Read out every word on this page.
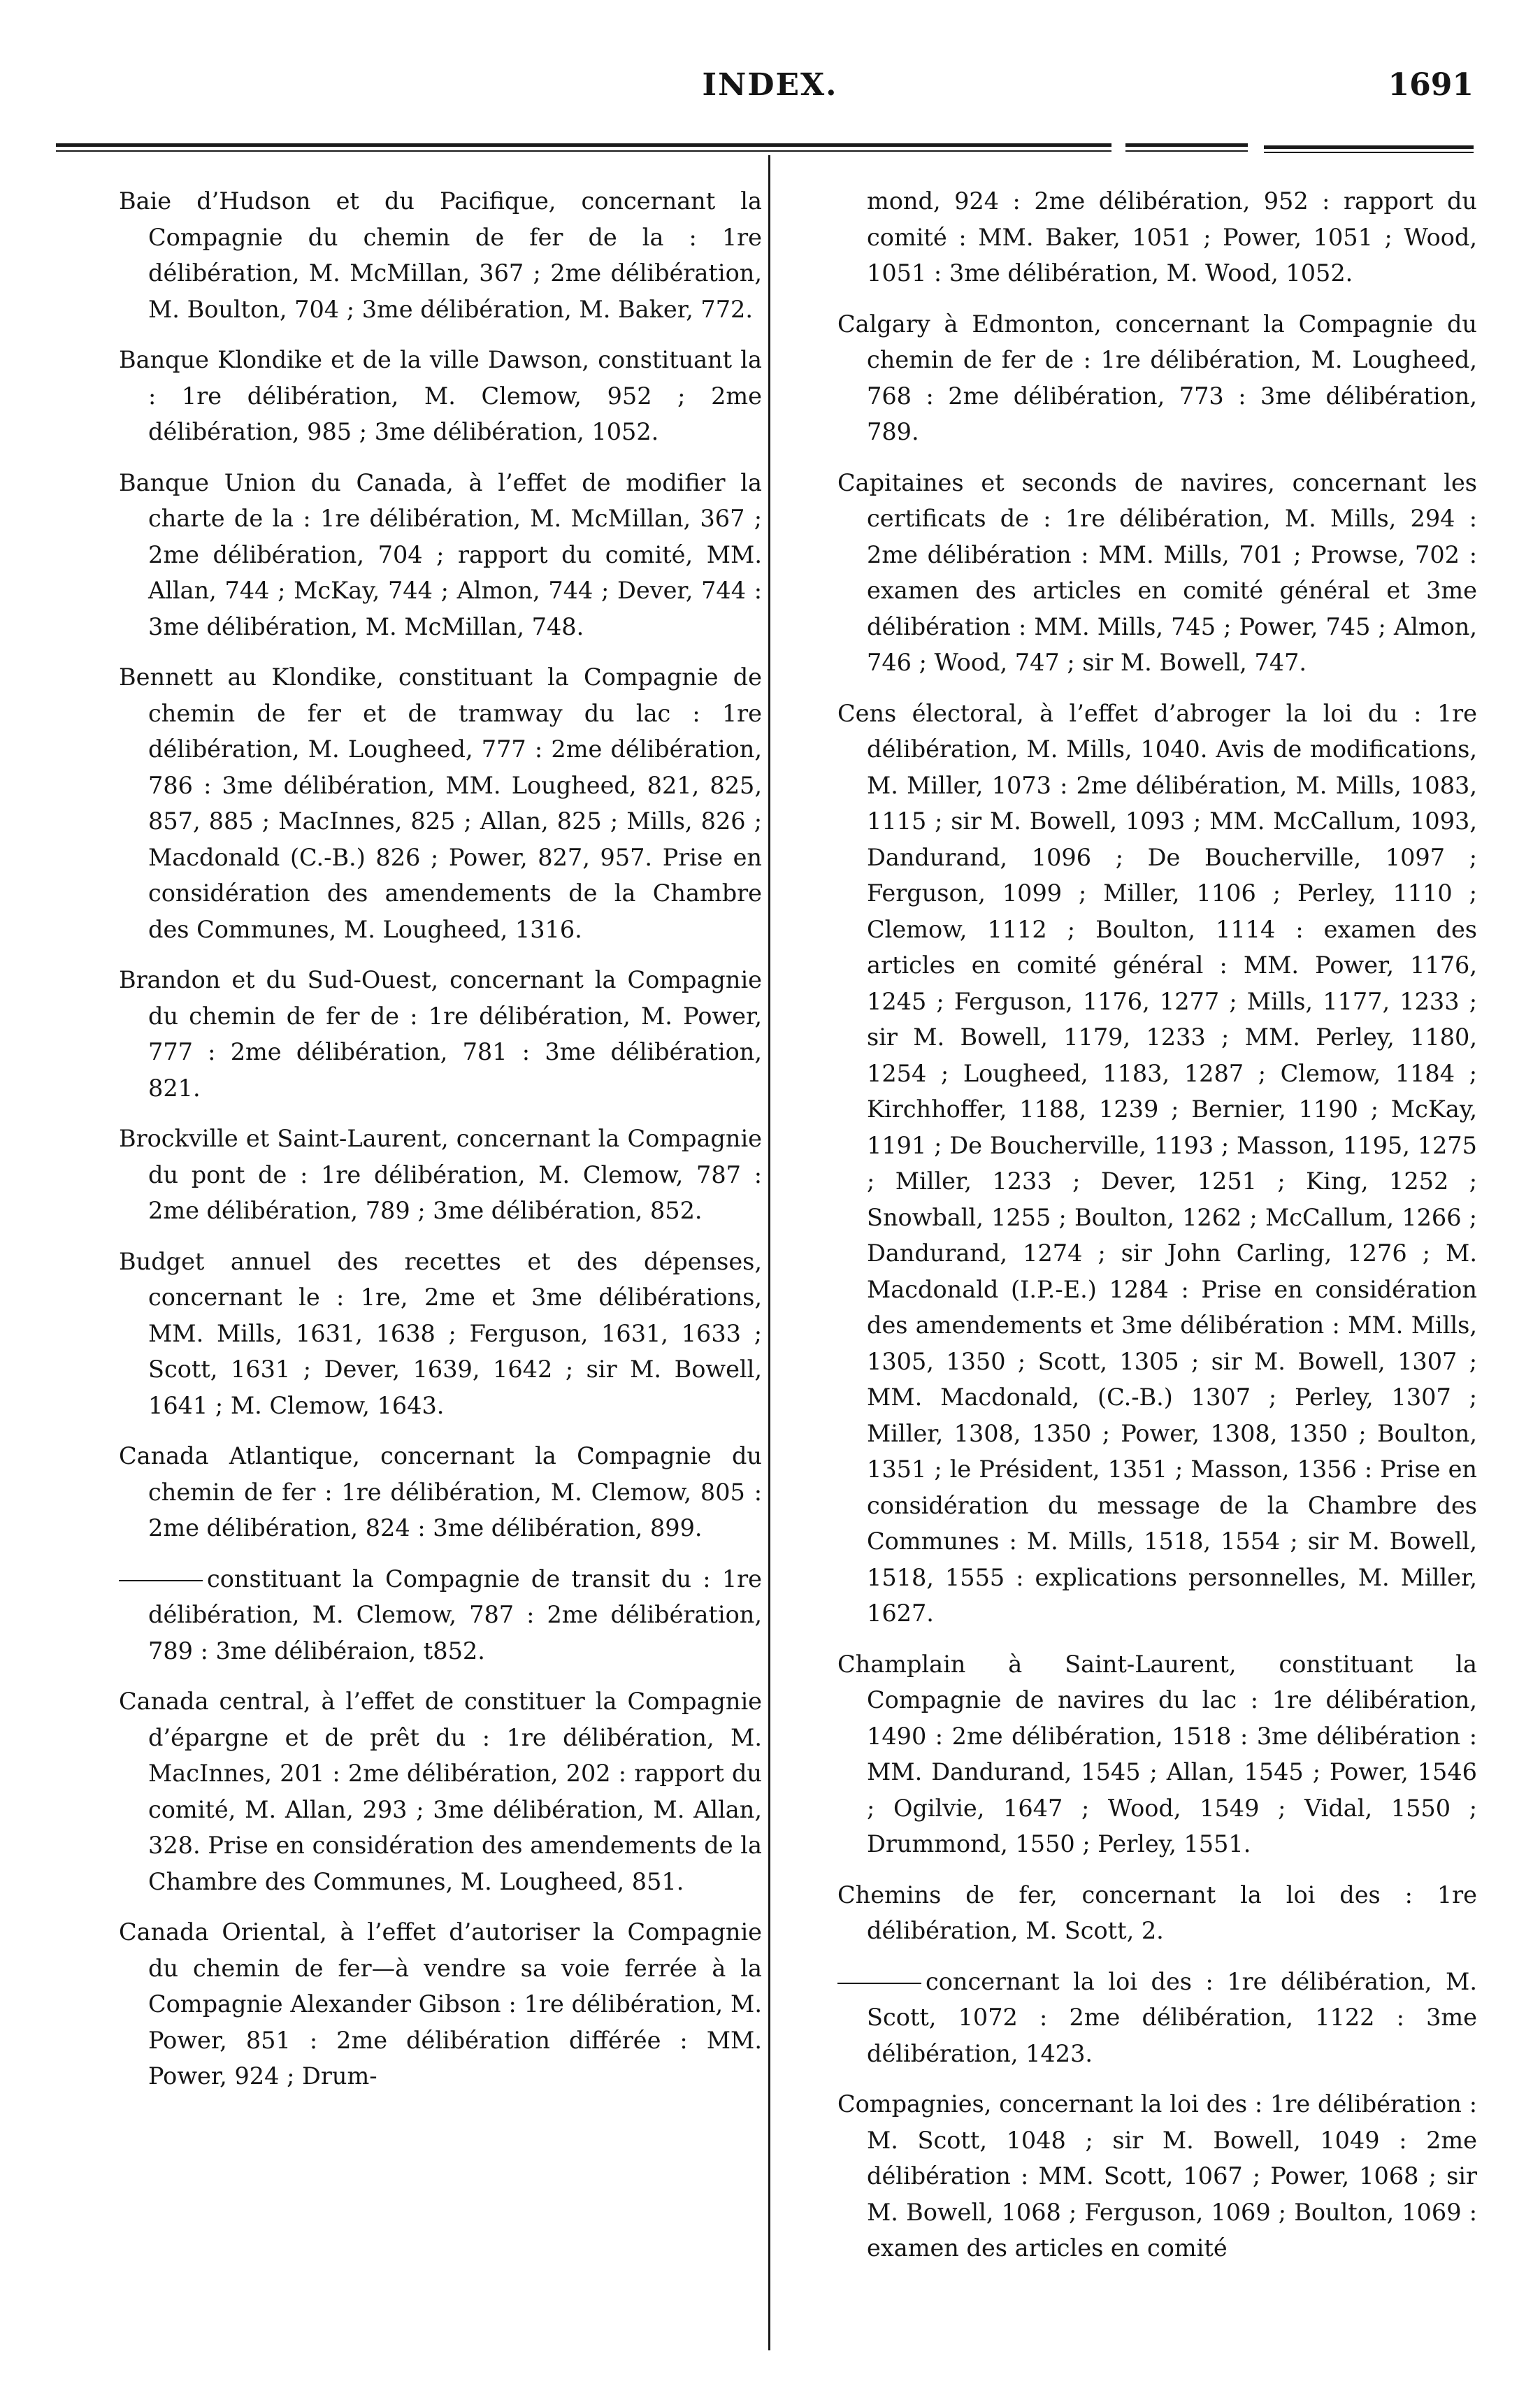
INDEX.	1691

Baie d’Hudson et du Pacifique, concernant la Compagnie du chemin de fer de la : 1re délibération, M. McMillan, 367 ; 2me délibération, M. Boulton, 704 ; 3me délibération, M. Baker, 772.

Banque Klondike et de la ville Dawson, constituant la : 1re délibération, M. Clemow, 952 ; 2me délibération, 985 ; 3me délibération, 1052.

Banque Union du Canada, à l’effet de modifier la charte de la : 1re délibération, M. McMillan, 367 ; 2me délibération, 704 ; rapport du comité, MM. Allan, 744 ; McKay, 744 ; Almon, 744 ; Dever, 744 : 3me délibération, M. McMillan, 748.

Bennett au Klondike, constituant la Compagnie de chemin de fer et de tramway du lac : 1re délibération, M. Lougheed, 777 : 2me délibération, 786 : 3me délibération, MM. Lougheed, 821, 825, 857, 885 ; MacInnes, 825 ; Allan, 825 ; Mills, 826 ; Macdonald (C.-B.) 826 ; Power, 827, 957. Prise en considération des amendements de la Chambre des Communes, M. Lougheed, 1316.

Brandon et du Sud-Ouest, concernant la Compagnie du chemin de fer de : 1re délibération, M. Power, 777 : 2me délibération, 781 : 3me délibération, 821.

Brockville et Saint-Laurent, concernant la Compagnie du pont de : 1re délibération, M. Clemow, 787 : 2me délibération, 789 ; 3me délibération, 852.

Budget annuel des recettes et des dépenses, concernant le : 1re, 2me et 3me délibérations, MM. Mills, 1631, 1638 ; Ferguson, 1631, 1633 ; Scott, 1631 ; Dever, 1639, 1642 ; sir M. Bowell, 1641 ; M. Clemow, 1643.

Canada Atlantique, concernant la Compagnie du chemin de fer : 1re délibération, M. Clemow, 805 : 2me délibération, 824 : 3me délibération, 899.

constituant la Compagnie de transit du : 1re délibération, M. Clemow, 787 : 2me délibération, 789 : 3me délibéraion, t852.

Canada central, à l’effet de constituer la Compagnie d’épargne et de prêt du : 1re délibération, M. MacInnes, 201 : 2me délibération, 202 : rapport du comité, M. Allan, 293 ; 3me délibération, M. Allan, 328. Prise en considération des amendements de la Chambre des Communes, M. Lougheed, 851.

Canada Oriental, à l’effet d’autoriser la Compagnie du chemin de fer—à vendre sa voie ferrée à la Compagnie Alexander Gibson : 1re délibération, M. Power, 851 : 2me délibération différée : MM. Power, 924 ; Drum-

mond, 924 : 2me délibération, 952 : rapport du comité : MM. Baker, 1051 ; Power, 1051 ; Wood, 1051 : 3me délibération, M. Wood, 1052.

Calgary à Edmonton, concernant la Compagnie du chemin de fer de : 1re délibération, M. Lougheed, 768 : 2me délibération, 773 : 3me délibération, 789.

Capitaines et seconds de navires, concernant les certificats de : 1re délibération, M. Mills, 294 : 2me délibération : MM. Mills, 701 ; Prowse, 702 : examen des articles en comité général et 3me délibération : MM. Mills, 745 ; Power, 745 ; Almon, 746 ; Wood, 747 ; sir M. Bowell, 747.

Cens électoral, à l’effet d’abroger la loi du : 1re délibération, M. Mills, 1040. Avis de modifications, M. Miller, 1073 : 2me délibération, M. Mills, 1083, 1115 ; sir M. Bowell, 1093 ; MM. McCallum, 1093, Dandurand, 1096 ; De Boucherville, 1097 ; Ferguson, 1099 ; Miller, 1106 ; Perley, 1110 ; Clemow, 1112 ; Boulton, 1114 : examen des articles en comité général : MM. Power, 1176, 1245 ; Ferguson, 1176, 1277 ; Mills, 1177, 1233 ; sir M. Bowell, 1179, 1233 ; MM. Perley, 1180, 1254 ; Lougheed, 1183, 1287 ; Clemow, 1184 ; Kirchhoffer, 1188, 1239 ; Bernier, 1190 ; McKay, 1191 ; De Boucherville, 1193 ; Masson, 1195, 1275 ; Miller, 1233 ; Dever, 1251 ; King, 1252 ; Snowball, 1255 ; Boulton, 1262 ; McCallum, 1266 ; Dandurand, 1274 ; sir John Carling, 1276 ; M. Macdonald (I.P.-E.) 1284 : Prise en considération des amendements et 3me délibération : MM. Mills, 1305, 1350 ; Scott, 1305 ; sir M. Bowell, 1307 ; MM. Macdonald, (C.-B.) 1307 ; Perley, 1307 ; Miller, 1308, 1350 ; Power, 1308, 1350 ; Boulton, 1351 ; le Président, 1351 ; Masson, 1356 : Prise en considération du message de la Chambre des Communes : M. Mills, 1518, 1554 ; sir M. Bowell, 1518, 1555 : explications personnelles, M. Miller, 1627.

Champlain à Saint-Laurent, constituant la Compagnie de navires du lac : 1re délibération, 1490 : 2me délibération, 1518 : 3me délibération : MM. Dandurand, 1545 ; Allan, 1545 ; Power, 1546 ; Ogilvie, 1647 ; Wood, 1549 ; Vidal, 1550 ; Drummond, 1550 ; Perley, 1551.

Chemins de fer, concernant la loi des : 1re délibération, M. Scott, 2.

concernant la loi des : 1re délibération, M. Scott, 1072 : 2me délibération, 1122 : 3me délibération, 1423.

Compagnies, concernant la loi des : 1re délibération : M. Scott, 1048 ; sir M. Bowell, 1049 : 2me délibération : MM. Scott, 1067 ; Power, 1068 ; sir M. Bowell, 1068 ; Ferguson, 1069 ; Boulton, 1069 : examen des articles en comité
